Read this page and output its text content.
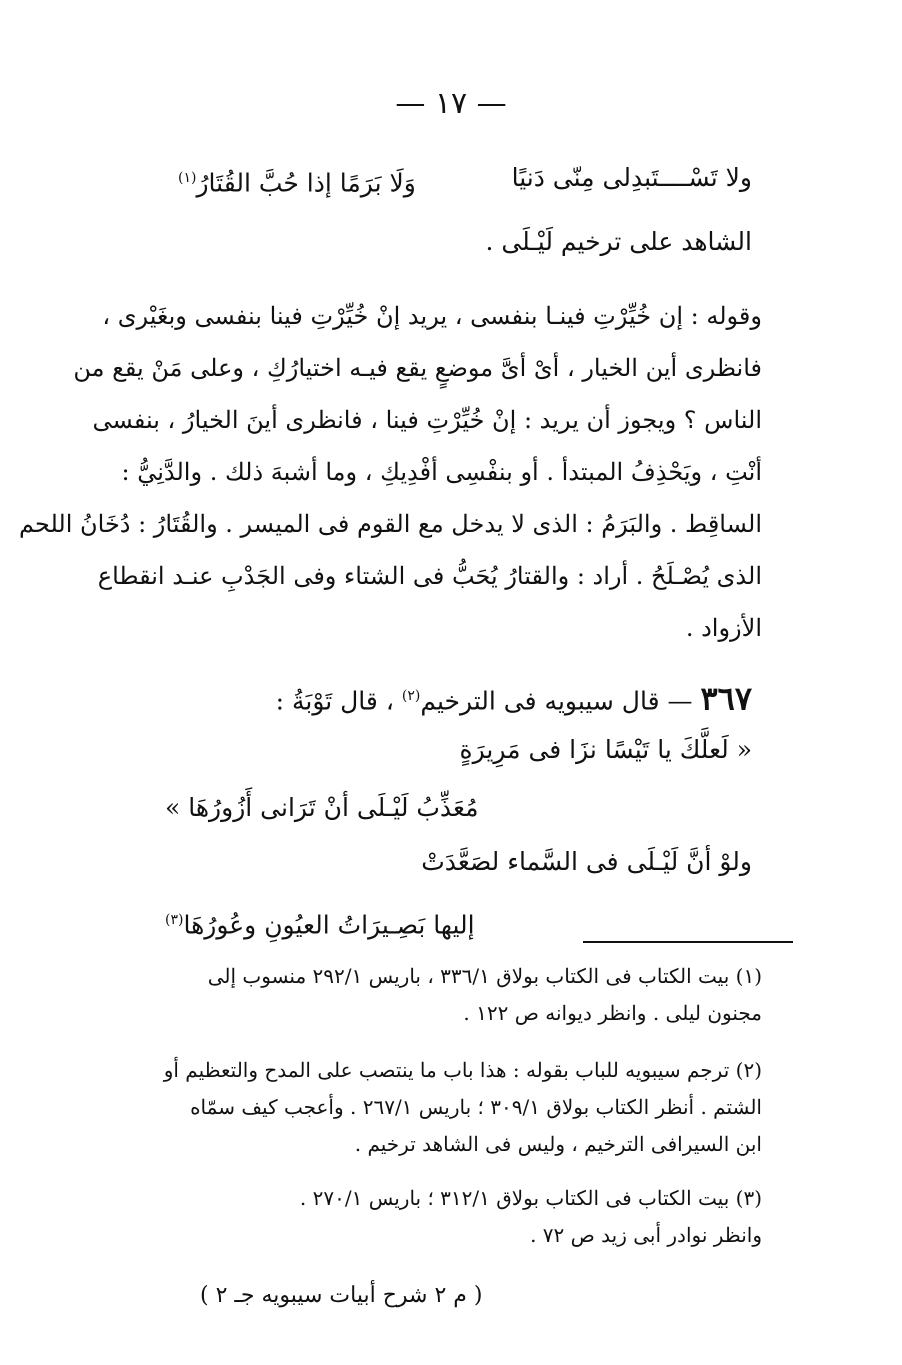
— ١٧ —
ولا تَسْــــتَبدِلى مِنّى دَنيًا
وَلَا بَرَمًا إذا حُبَّ القُتَارُ$^{(١)}$
الشاهد على ترخيم لَيْـلَى .
وقوله : إن خُيِّرْتِ فينـا بنفسى ، يريد إنْ خُيِّرْتِ فينا بنفسى وبغَيْرى ،
فانظرى أين الخيار ، أىْ أىَّ موضعٍ يقع فيـه اختيارُكِ ، وعلى مَنْ يقع من
الناس ؟ ويجوز أن يريد : إنْ خُيِّرْتِ فينا ، فانظرى أينَ الخيارُ ، بنفسى
أنْتِ ، ويَحْذِفُ المبتدأ . أو بنفْسِى أفْدِيكِ ، وما أشبهَ ذلك . والدَّنِيُّ :
الساقِط . والبَرَمُ : الذى لا يدخل مع القوم فى الميسر . والقُتَارُ : دُخَانُ اللحم
الذى يُصْـلَحُ . أراد : والقتارُ يُحَبُّ فى الشتاء وفى الجَدْبِ عنـد انقطاع
الأزواد .
٣٦٧ — قال سيبويه فى الترخيم$^{(٢)}$ ، قال تَوْبَةُ :
« لَعلَّكَ يا تَيْسًا نزَا فى مَرِيرَةٍ
مُعَذِّبُ لَيْـلَى أنْ تَرَانى أَزُورُهَا »
ولوْ أنَّ لَيْـلَى فى السَّماء لصَعَّدَتْ
إليها بَصِـيرَاتُ العيُونِ وعُورُهَا$^{(٣)}$
(١) بيت الكتاب فى الكتاب بولاق ٣٣٦/١ ، باريس ٢٩٢/١ منسوب إلى
مجنون ليلى . وانظر ديوانه ص ١٢٢ .
(٢) ترجم سيبويه للباب بقوله : هذا باب ما ينتصب على المدح والتعظيم أو
الشتم . أنظر الكتاب بولاق ٣٠٩/١ ؛ باريس ٢٦٧/١ . وأعجب كيف سمّاه
ابن السيرافى الترخيم ، وليس فى الشاهد ترخيم .
(٣) بيت الكتاب فى الكتاب بولاق ٣١٢/١ ؛ باريس ٢٧٠/١ .
وانظر نوادر أبى زيد ص ٧٢ .
( م ٢ شرح أبيات سيبويه جـ ٢ )
